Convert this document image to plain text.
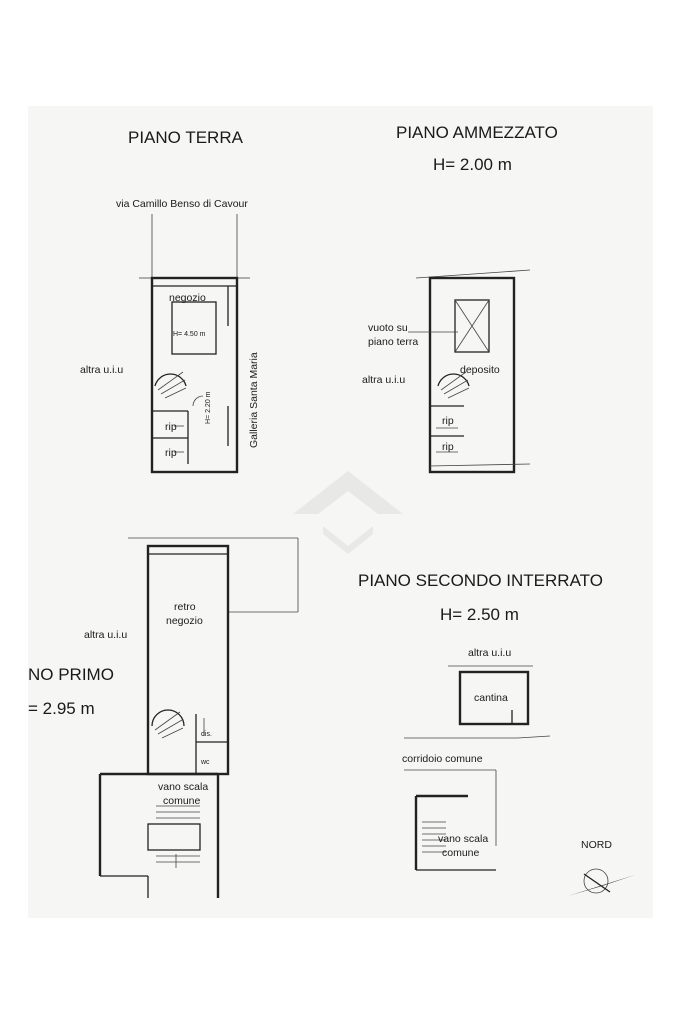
PIANO TERRA	PIANO AMMEZZATO
H= 2.00 m
PIANO SECONDO INTERRATO
H= 2.50 m
NO PRIMO
= 2.95 m
via Camillo Benso di Cavour
Galleria Santa Maria
negozio
H= 4.50 m
H= 2.20 m
altra u.i.u
rip
rip
vuoto su
piano terra
altra u.i.u
deposito
rip
rip
altra u.i.u
retro
negozio
dis.
wc
vano scala
comune
altra u.i.u
cantina
corridoio comune
vano scala
comune
NORD
